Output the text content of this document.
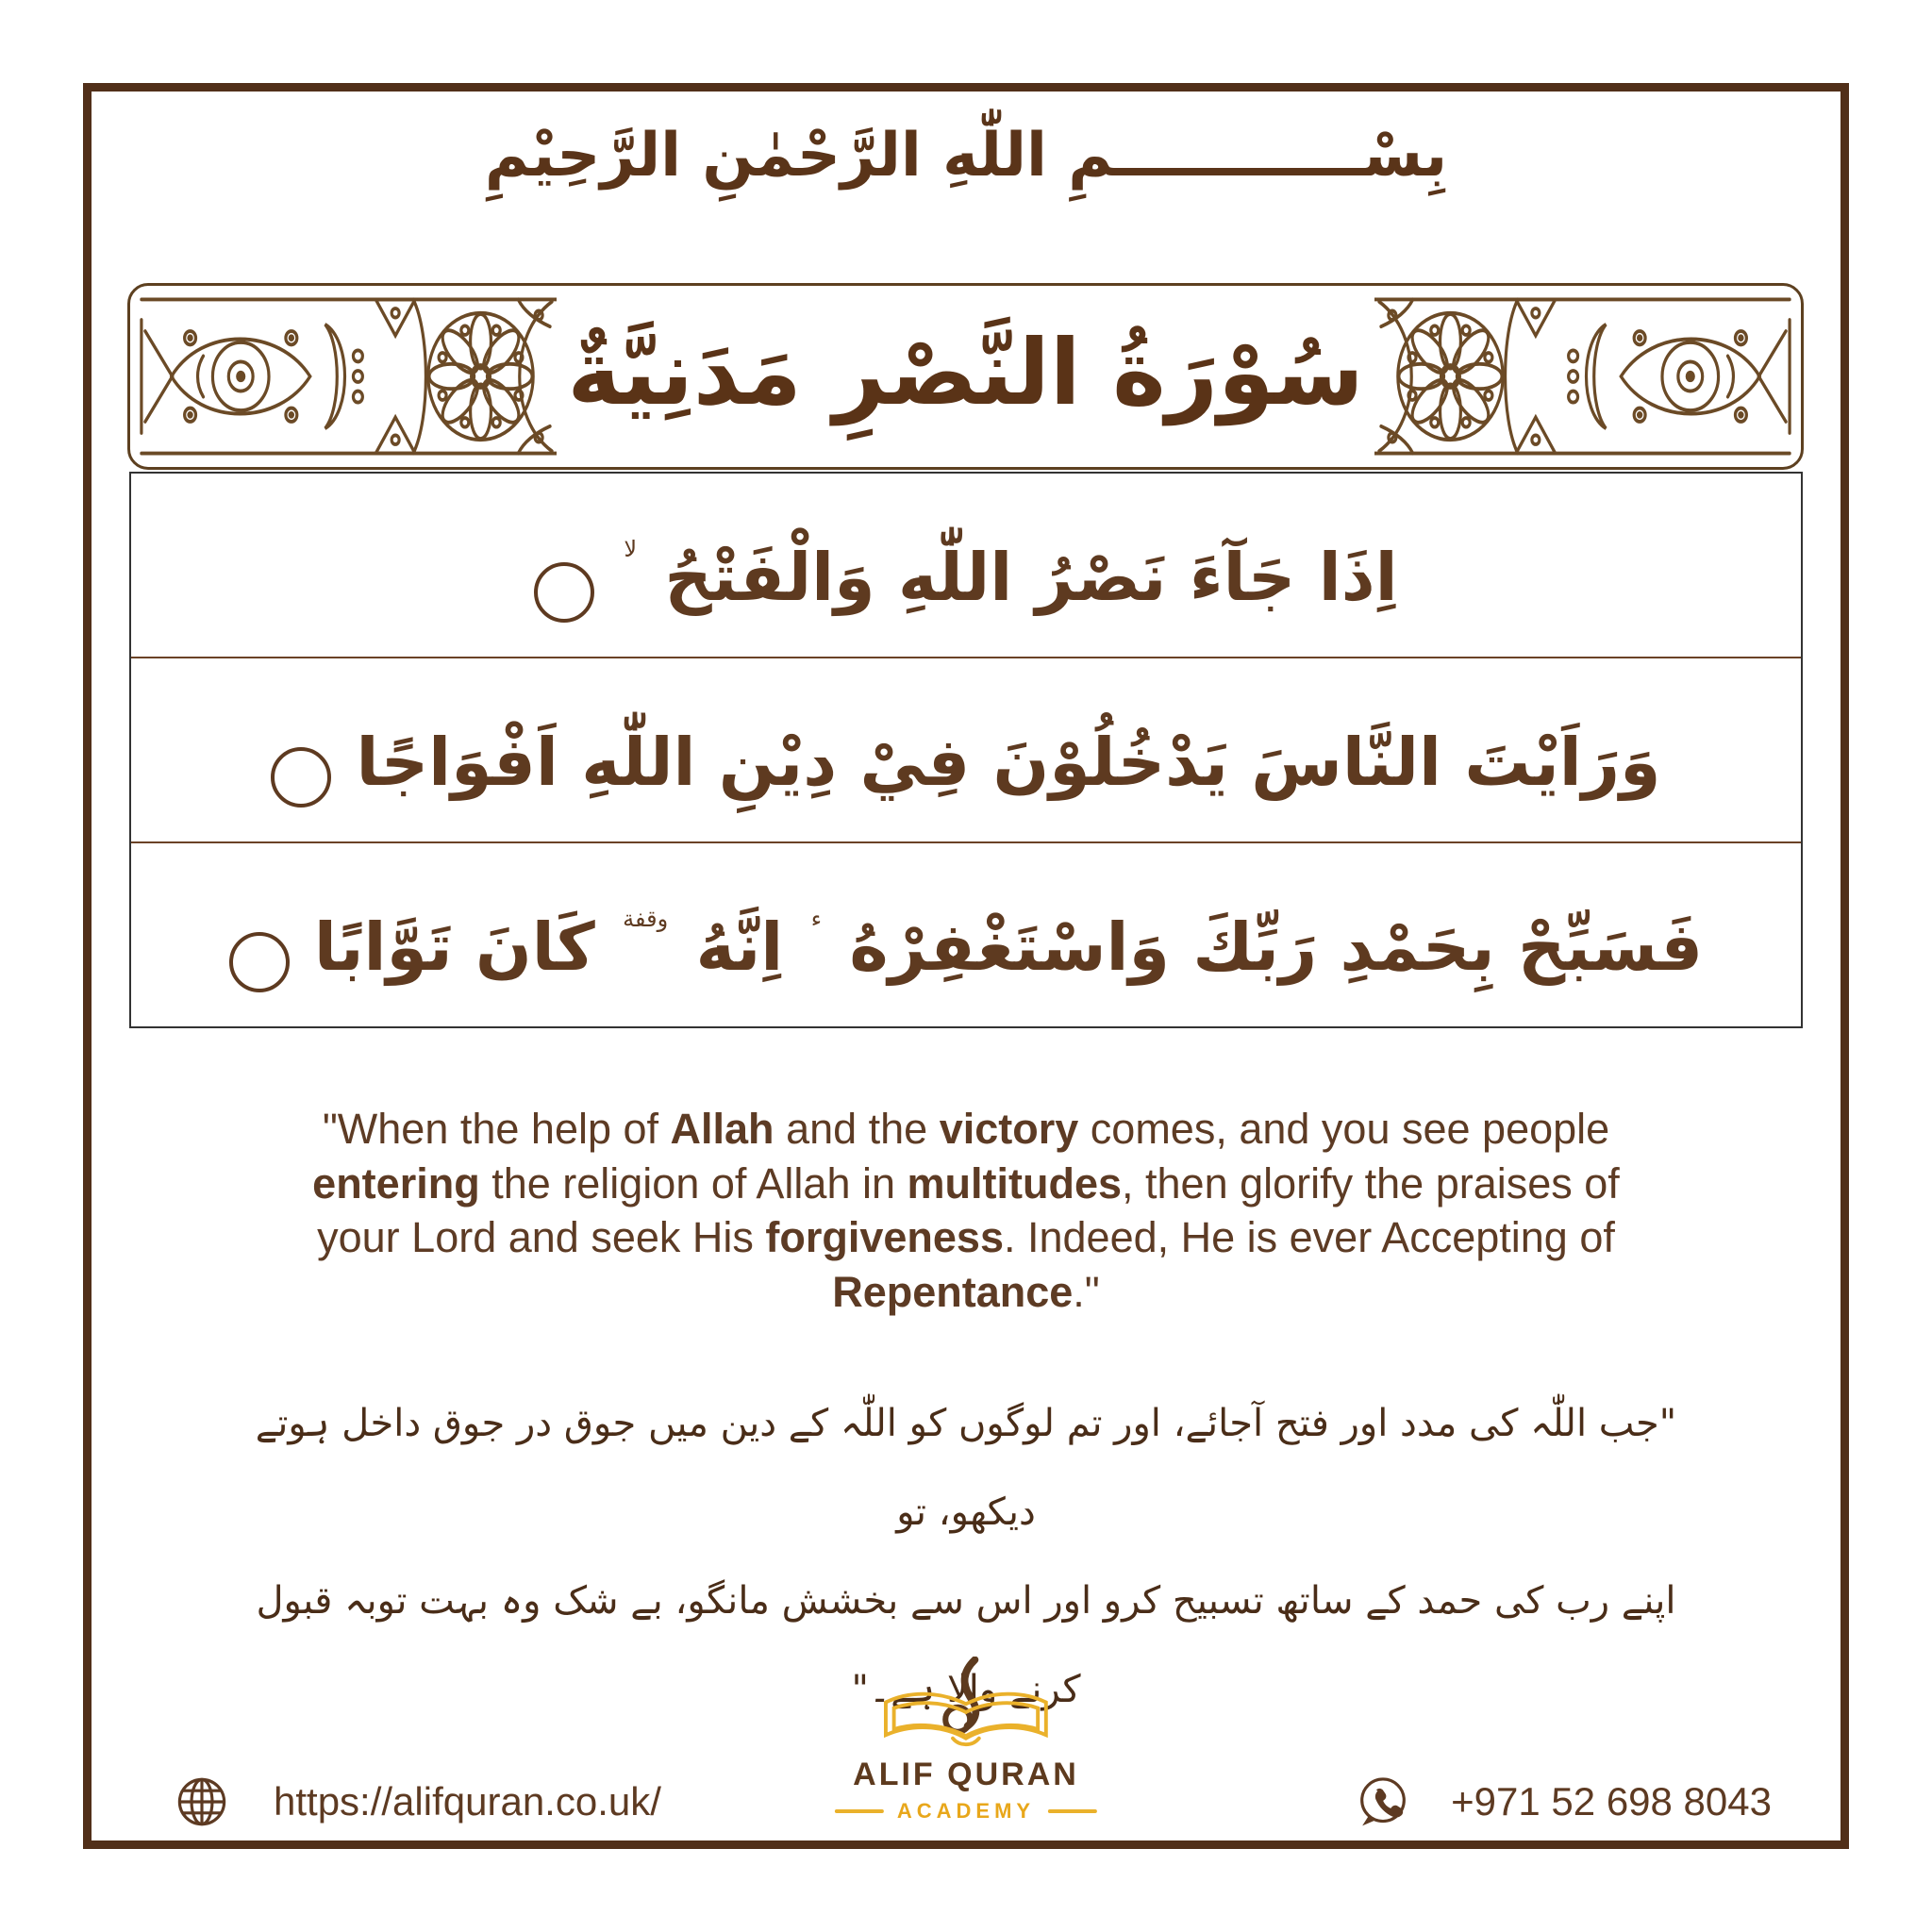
بِسْــــــــــــمِ اللّٰهِ الرَّحْمٰنِ الرَّحِيْمِ
سُوْرَةُ النَّصْرِ مَدَنِيَّةٌ
اِذَا جَآءَ نَصْرُ اللّٰهِ وَالْفَتْحُ $^{لا}$
وَرَاَيْتَ النَّاسَ يَدْخُلُوْنَ فِيْ دِيْنِ اللّٰهِ اَفْوَاجًا
فَسَبِّحْ بِحَمْدِ رَبِّكَ وَاسْتَغْفِرْهُ $^ء$ اِنَّهُ $^{وقفة}$ كَانَ تَوَّابًا
"When the help of Allah and the victory comes, and you see people entering the religion of Allah in multitudes, then glorify the praises of your Lord and seek His forgiveness. Indeed, He is ever Accepting of Repentance."
"جب اللّٰہ کی مدد اور فتح آجائے، اور تم لوگوں کو اللّٰہ کے دین میں جوق در جوق داخل ہوتے دیکھو، تو
اپنے رب کی حمد کے ساتھ تسبیح کرو اور اس سے بخشش مانگو، بے شک وہ بہت توبہ قبول
کرنے والا ہے۔"
ALIF QURAN
ACADEMY
https://alifquran.co.uk/	+971 52 698 8043
